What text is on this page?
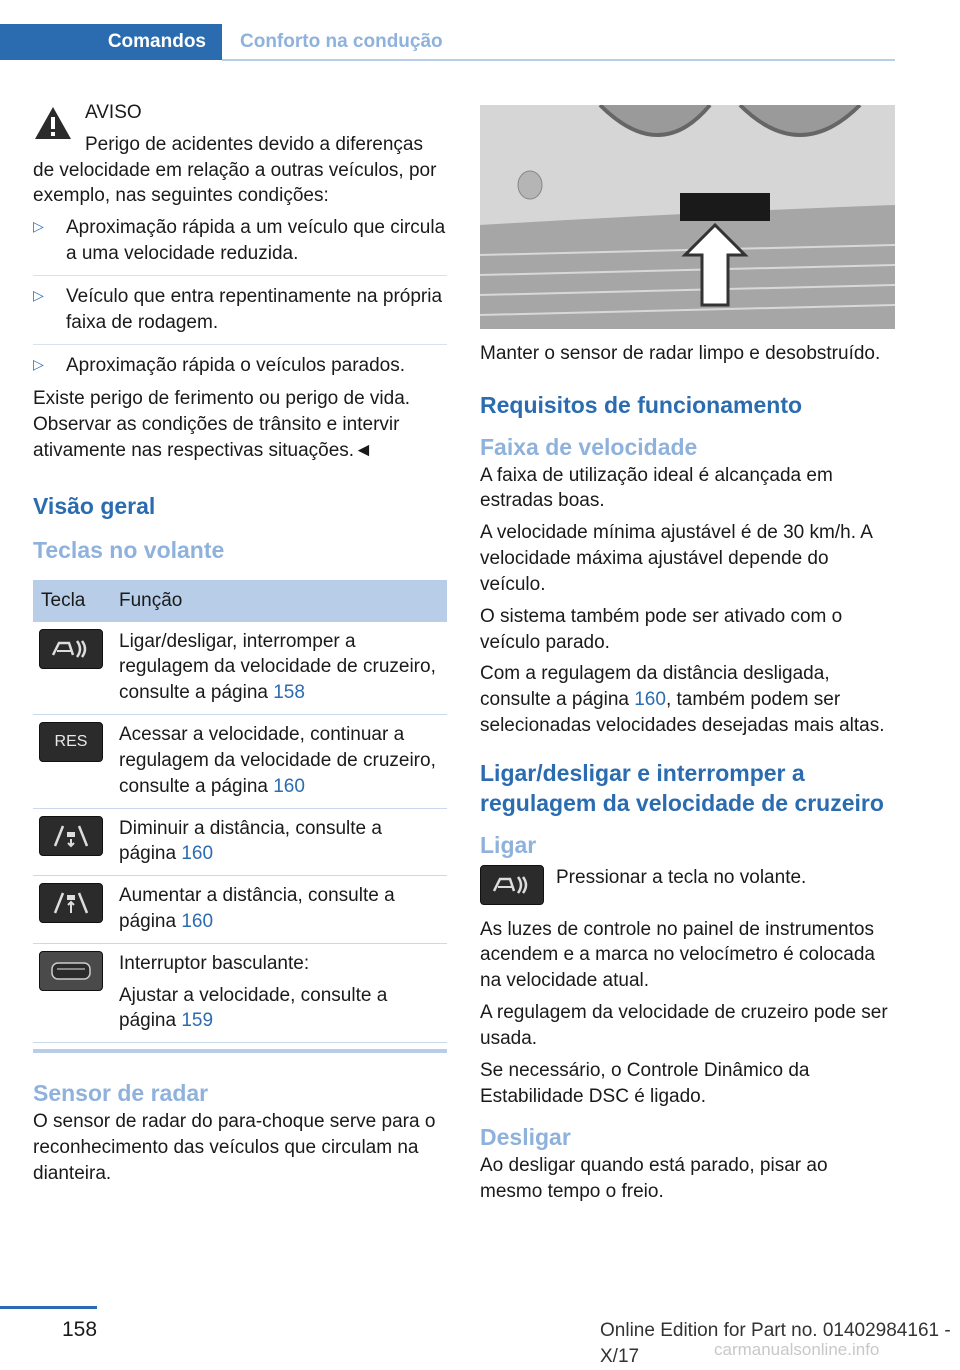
Comandos	Conforto na condução

AVISO

Perigo de acidentes devido a diferenças de velocidade em relação a outras veículos, por exemplo, nas seguintes condições:

▷ Aproximação rápida a um veículo que circula a uma velocidade reduzida.
▷ Veículo que entra repentinamente na própria faixa de rodagem.
▷ Aproximação rápida o veículos parados.

Existe perigo de ferimento ou perigo de vida. Observar as condições de trânsito e intervir ativamente nas respectivas situações.◄

Visão geral
Teclas no volante
Tecla	Função

	Ligar/desligar, interromper a regulagem da velocidade de cruzeiro, consulte a página 158

RES	Acessar a velocidade, continuar a regulagem da velocidade de cruzeiro, consulte a página 160

	Diminuir a distância, consulte a página 160

	Aumentar a distância, consulte a página 160

Interruptor basculante:

Ajustar a velocidade, consulte a página 159
Sensor de radar

O sensor de radar do para-choque serve para o reconhecimento das veículos que circulam na dianteira.

Manter o sensor de radar limpo e desobstruído.

Requisitos de funcionamento
Faixa de velocidade

A faixa de utilização ideal é alcançada em estradas boas.

A velocidade mínima ajustável é de 30 km/h. A velocidade máxima ajustável depende do veículo.

O sistema também pode ser ativado com o veículo parado.

Com a regulagem da distância desligada, consulte a página 160, também podem ser selecionadas velocidades desejadas mais altas.

Ligar/desligar e interromper a regulagem da velocidade de cruzeiro
Ligar
Pressionar a tecla no volante.

As luzes de controle no painel de instrumentos acendem e a marca no velocímetro é colocada na velocidade atual.

A regulagem da velocidade de cruzeiro pode ser usada.

Se necessário, o Controle Dinâmico da Estabilidade DSC é ligado.

Desligar

Ao desligar quando está parado, pisar ao mesmo tempo o freio.

158	Online Edition for Part no. 01402984161 - X/17	carmanualsonline.info
